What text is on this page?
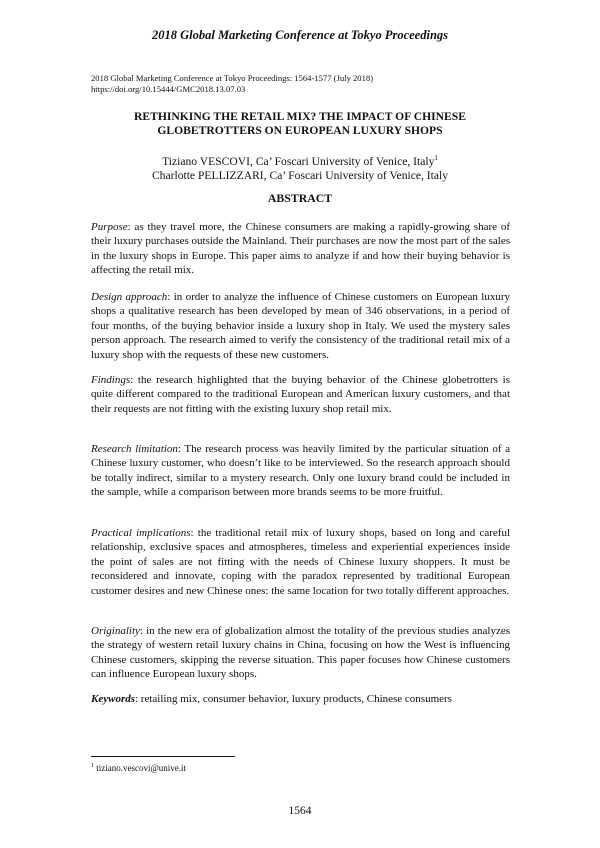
2018 Global Marketing Conference at Tokyo Proceedings
2018 Global Marketing Conference at Tokyo Proceedings: 1564-1577 (July 2018)
https://doi.org/10.15444/GMC2018.13.07.03
RETHINKING THE RETAIL MIX? THE IMPACT OF CHINESE
GLOBETROTTERS ON EUROPEAN LUXURY SHOPS
Tiziano VESCOVI, Ca’ Foscari University of Venice, Italy$^1$
Charlotte PELLIZZARI, Ca’ Foscari University of Venice, Italy
ABSTRACT
Purpose: as they travel more, the Chinese consumers are making a rapidly-growing share of their luxury purchases outside the Mainland. Their purchases are now the most part of the sales in the luxury shops in Europe. This paper aims to analyze if and how their buying behavior is affecting the retail mix.
Design approach: in order to analyze the influence of Chinese customers on European luxury shops a qualitative research has been developed by mean of 346 observations, in a period of four months, of the buying behavior inside a luxury shop in Italy. We used the mystery sales person approach. The research aimed to verify the consistency of the traditional retail mix of a luxury shop with the requests of these new customers.
Findings: the research highlighted that the buying behavior of the Chinese globetrotters is quite different compared to the traditional European and American luxury customers, and that their requests are not fitting with the existing luxury shop retail mix.
Research limitation: The research process was heavily limited by the particular situation of a Chinese luxury customer, who doesn’t like to be interviewed. So the research approach should be totally indirect, similar to a mystery research. Only one luxury brand could be included in the sample, while a comparison between more brands seems to be more fruitful.
Practical implications: the traditional retail mix of luxury shops, based on long and careful relationship, exclusive spaces and atmospheres, timeless and experiential experiences inside the point of sales are not fitting with the needs of Chinese luxury shoppers. It must be reconsidered and innovate, coping with the paradox represented by traditional European customer desires and new Chinese ones: the same location for two totally different approaches.
Originality: in the new era of globalization almost the totality of the previous studies analyzes the strategy of western retail luxury chains in China, focusing on how the West is influencing Chinese customers, skipping the reverse situation. This paper focuses how Chinese customers can influence European luxury shops.
Keywords: retailing mix, consumer behavior, luxury products, Chinese consumers
$^1$ tiziano.vescovi@unive.it
1564
